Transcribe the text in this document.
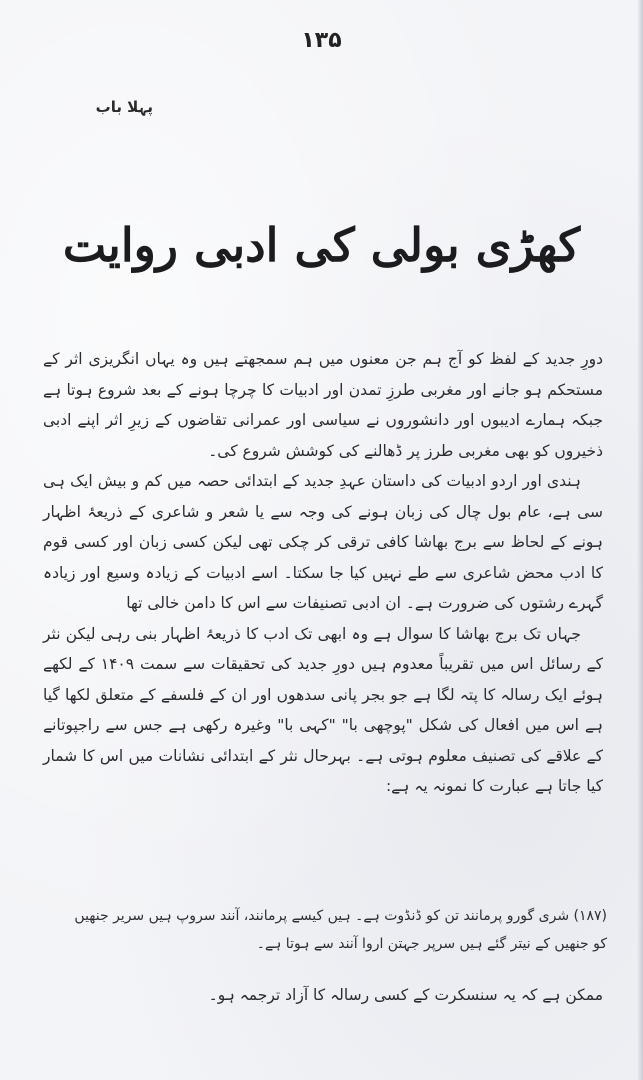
۱۳۵
پہلا باب
کھڑی بولی کی ادبی روایت

دورِ جدید کے لفظ کو آج ہم جن معنوں میں ہم سمجھتے ہیں وہ یہاں انگریزی اثر کے مستحکم ہو جانے اور مغربی طرزِ تمدن اور ادبیات کا چرچا ہونے کے بعد شروع ہوتا ہے جبکہ ہمارے ادیبوں اور دانشوروں نے سیاسی اور عمرانی تقاضوں کے زیرِ اثر اپنے ادبی ذخیروں کو بھی مغربی طرز پر ڈھالنے کی کوشش شروع کی۔

ہندی اور اردو ادبیات کی داستان عہدِ جدید کے ابتدائی حصہ میں کم و بیش ایک ہی سی ہے، عام بول چال کی زبان ہونے کی وجہ سے یا شعر و شاعری کے ذریعۂ اظہار ہونے کے لحاظ سے برج بھاشا کافی ترقی کر چکی تھی لیکن کسی زبان اور کسی قوم کا ادب محض شاعری سے طے نہیں کیا جا سکتا۔ اسے ادبیات کے زیادہ وسیع اور زیادہ گہرے رشتوں کی ضرورت ہے۔ ان ادبی تصنیفات سے اس کا دامن خالی تھا

جہاں تک برج بھاشا کا سوال ہے وہ ابھی تک ادب کا ذریعۂ اظہار بنی رہی لیکن نثر کے رسائل اس میں تقریباً معدوم ہیں دورِ جدید کی تحقیقات سے سمت ۱۴۰۹ کے لکھے ہوئے ایک رسالہ کا پتہ لگا ہے جو بجر پانی سدھوں اور ان کے فلسفے کے متعلق لکھا گیا ہے اس میں افعال کی شکل "پوچھی با" "کہی با" وغیرہ رکھی ہے جس سے راجپوتانے کے علاقے کی تصنیف معلوم ہوتی ہے۔ بہرحال نثر کے ابتدائی نشانات میں اس کا شمار کیا جاتا ہے عبارت کا نمونہ یہ ہے:

(۱۸۷) شری گورو پرمانند تن کو ڈنڈوت ہے۔ ہیں کیسے پرمانند، آنند سروپ ہیں سریر جنھیں

کو جنھیں کے نیتر گئے ہیں سرپر جہتن اروا آنند سے ہوتا ہے۔

ممکن ہے کہ یہ سنسکرت کے کسی رسالہ کا آزاد ترجمہ ہو۔
